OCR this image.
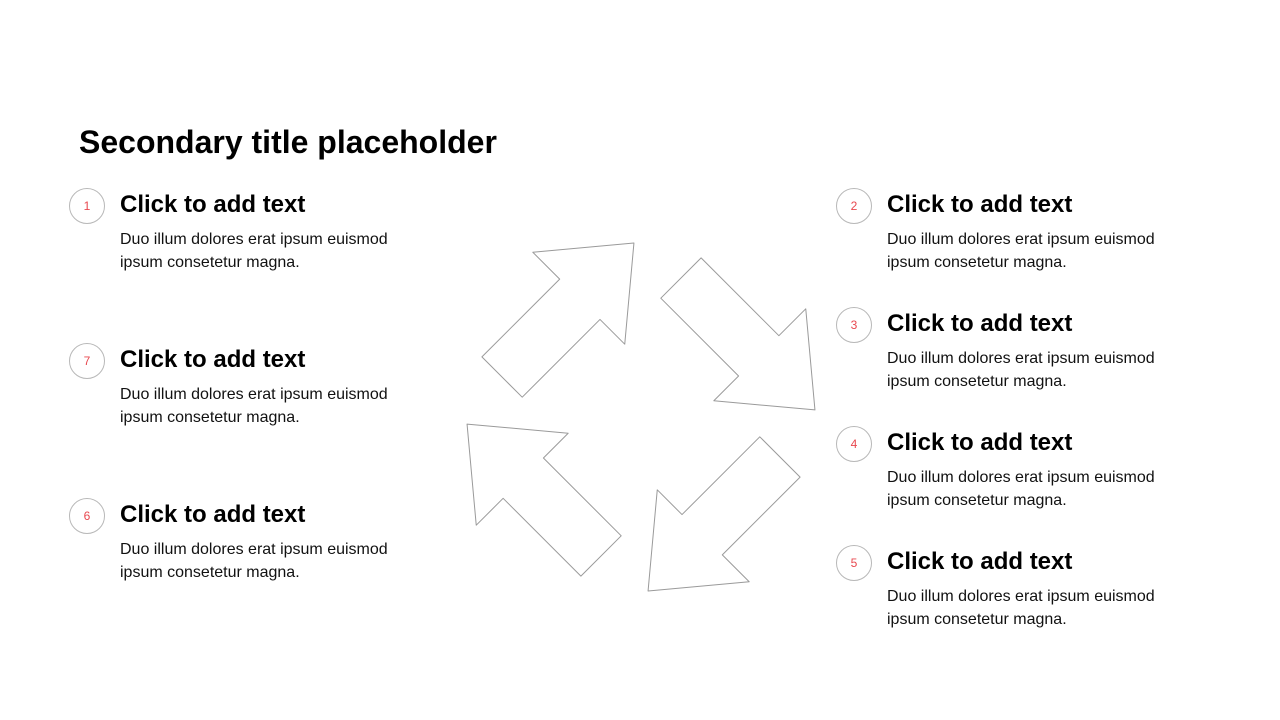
Secondary title placeholder
1	Click to add text
Duo illum dolores erat ipsum euismod ipsum consetetur magna.
7	Click to add text
Duo illum dolores erat ipsum euismod ipsum consetetur magna.
6	Click to add text
Duo illum dolores erat ipsum euismod ipsum consetetur magna.
2	Click to add text
Duo illum dolores erat ipsum euismod ipsum consetetur magna.
3	Click to add text
Duo illum dolores erat ipsum euismod ipsum consetetur magna.
4	Click to add text
Duo illum dolores erat ipsum euismod ipsum consetetur magna.
5	Click to add text
Duo illum dolores erat ipsum euismod ipsum consetetur magna.
